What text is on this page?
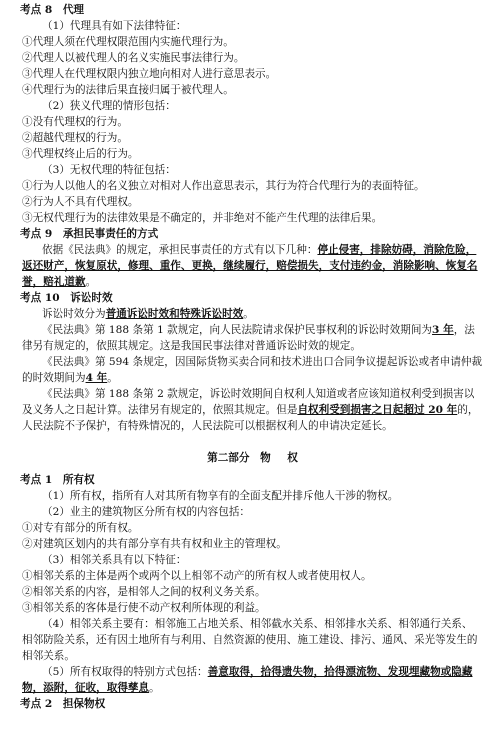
考点 8　代理

（1）代理具有如下法律特征：

①代理人须在代理权限范围内实施代理行为。

②代理人以被代理人的名义实施民事法律行为。

③代理人在代理权限内独立地向相对人进行意思表示。

④代理行为的法律后果直接归属于被代理人。

（2）狭义代理的情形包括：

①没有代理权的行为。

②超越代理权的行为。

③代理权终止后的行为。

（3）无权代理的特征包括：

①行为人以他人的名义独立对相对人作出意思表示，其行为符合代理行为的表面特征。

②行为人不具有代理权。

③无权代理行为的法律效果是不确定的，并非绝对不能产生代理的法律后果。

考点 9　承担民事责任的方式

依据《民法典》的规定，承担民事责任的方式有以下几种：停止侵害，排除妨碍，消除危险，返还财产，恢复原状，修理、重作、更换，继续履行，赔偿损失，支付违约金，消除影响、恢复名誉，赔礼道歉。

考点 10　诉讼时效

诉讼时效分为普通诉讼时效和特殊诉讼时效。

《民法典》第 188 条第 1 款规定，向人民法院请求保护民事权利的诉讼时效期间为3 年，法律另有规定的，依照其规定。这是我国民事法律对普通诉讼时效的规定。

《民法典》第 594 条规定，因国际货物买卖合同和技术进出口合同争议提起诉讼或者申请仲裁的时效期间为4 年。

《民法典》第 188 条第 2 款规定，诉讼时效期间自权利人知道或者应该知道权利受到损害以及义务人之日起计算。法律另有规定的，依照其规定。但是自权利受到损害之日起超过 20 年的，人民法院不予保护，有特殊情况的，人民法院可以根据权利人的申请决定延长。

第二部分　 物　 权
考点 1　所有权

（1）所有权，指所有人对其所有物享有的全面支配并排斥他人干涉的物权。

（2）业主的建筑物区分所有权的内容包括：

①对专有部分的所有权。

②对建筑区划内的共有部分享有共有权和业主的管理权。

（3）相邻关系具有以下特征：

①相邻关系的主体是两个或两个以上相邻不动产的所有权人或者使用权人。

②相邻关系的内容，是相邻人之间的权利义务关系。

③相邻关系的客体是行使不动产权利所体现的利益。

（4）相邻关系主要有：相邻施工占地关系、相邻截水关系、相邻排水关系、相邻通行关系、相邻防险关系，还有因土地所有与利用、自然资源的使用、施工建设、排污、通风、采光等发生的相邻关系。

（5）所有权取得的特别方式包括：善意取得，拾得遗失物，拾得漂流物、发现埋藏物或隐藏物，添附，征收，取得孳息。

考点 2　担保物权
